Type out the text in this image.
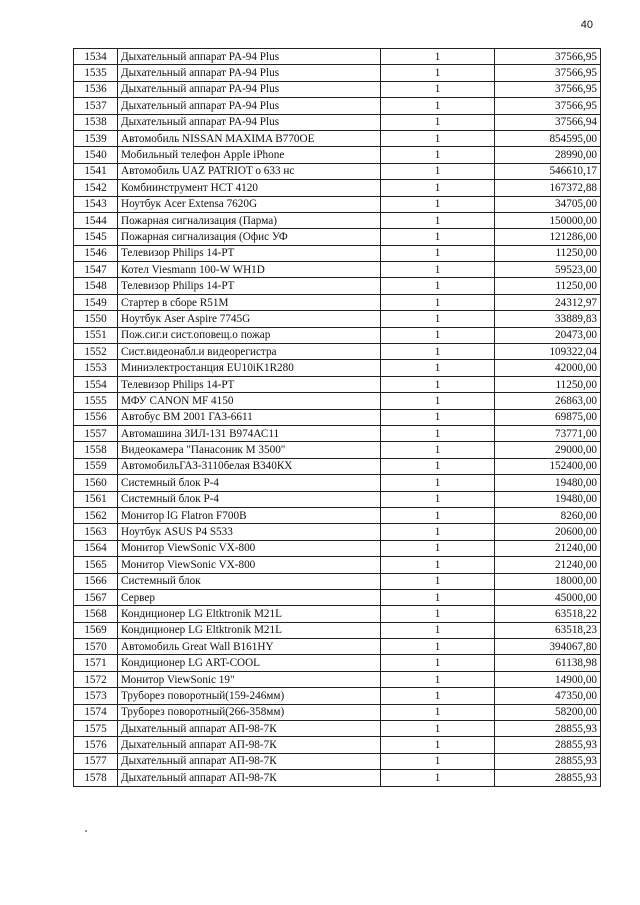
40
1534	Дыхательный аппарат PA-94 Plus	1	37566,95
1535	Дыхательный аппарат PA-94 Plus	1	37566,95
1536	Дыхательный аппарат PA-94 Plus	1	37566,95
1537	Дыхательный аппарат PA-94 Plus	1	37566,95
1538	Дыхательный аппарат PA-94 Plus	1	37566,94
1539	Автомобиль NISSAN MAXIMA B770OE	1	854595,00
1540	Мобильный телефон Apple iPhone	1	28990,00
1541	Автомобиль UAZ PATRIOT о 633 нс	1	546610,17
1542	Комбиинструмент HCT 4120	1	167372,88
1543	Ноутбук Acer Extensa 7620G	1	34705,00
1544	Пожарная сигнализация (Парма)	1	150000,00
1545	Пожарная сигнализация (Офис УФ	1	121286,00
1546	Телевизор Philips 14-PT	1	11250,00
1547	Котел Viesmann 100-W WH1D	1	59523,00
1548	Телевизор Philips 14-PT	1	11250,00
1549	Стартер в сборе R51M	1	24312,97
1550	Ноутбук Aser Aspire 7745G	1	33889,83
1551	Пож.сиг.и сист.оповещ.о пожар	1	20473,00
1552	Сист.видеонабл.и видеорегистра	1	109322,04
1553	Миниэлектростанция EU10iK1R280	1	42000,00
1554	Телевизор Philips 14-PT	1	11250,00
1555	МФУ CANON MF 4150	1	26863,00
1556	Автобус ВМ 2001 ГАЗ-6611	1	69875,00
1557	Автомашина ЗИЛ-131 В974АС11	1	73771,00
1558	Видеокамера "Панасоник М 3500"	1	29000,00
1559	АвтомобильГАЗ-3110белая В340КХ	1	152400,00
1560	Системный блок Р-4	1	19480,00
1561	Системный блок Р-4	1	19480,00
1562	Монитор lG Flatron F700B	1	8260,00
1563	Ноутбук ASUS P4 S533	1	20600,00
1564	Монитор ViewSonic VX-800	1	21240,00
1565	Монитор ViewSonic VX-800	1	21240,00
1566	Системный блок	1	18000,00
1567	Сервер	1	45000,00
1568	Кондиционер LG Eltktronik M21L	1	63518,22
1569	Кондиционер LG Eltktronik M21L	1	63518,23
1570	Автомобиль Great Wall B161HY	1	394067,80
1571	Кондиционер LG ART-COOL	1	61138,98
1572	Монитор ViewSonic 19"	1	14900,00
1573	Труборез поворотный(159-246мм)	1	47350,00
1574	Труборез поворотный(266-358мм)	1	58200,00
1575	Дыхательный аппарат АП-98-7К	1	28855,93
1576	Дыхательный аппарат АП-98-7К	1	28855,93
1577	Дыхательный аппарат АП-98-7К	1	28855,93
1578	Дыхательный аппарат АП-98-7К	1	28855,93
